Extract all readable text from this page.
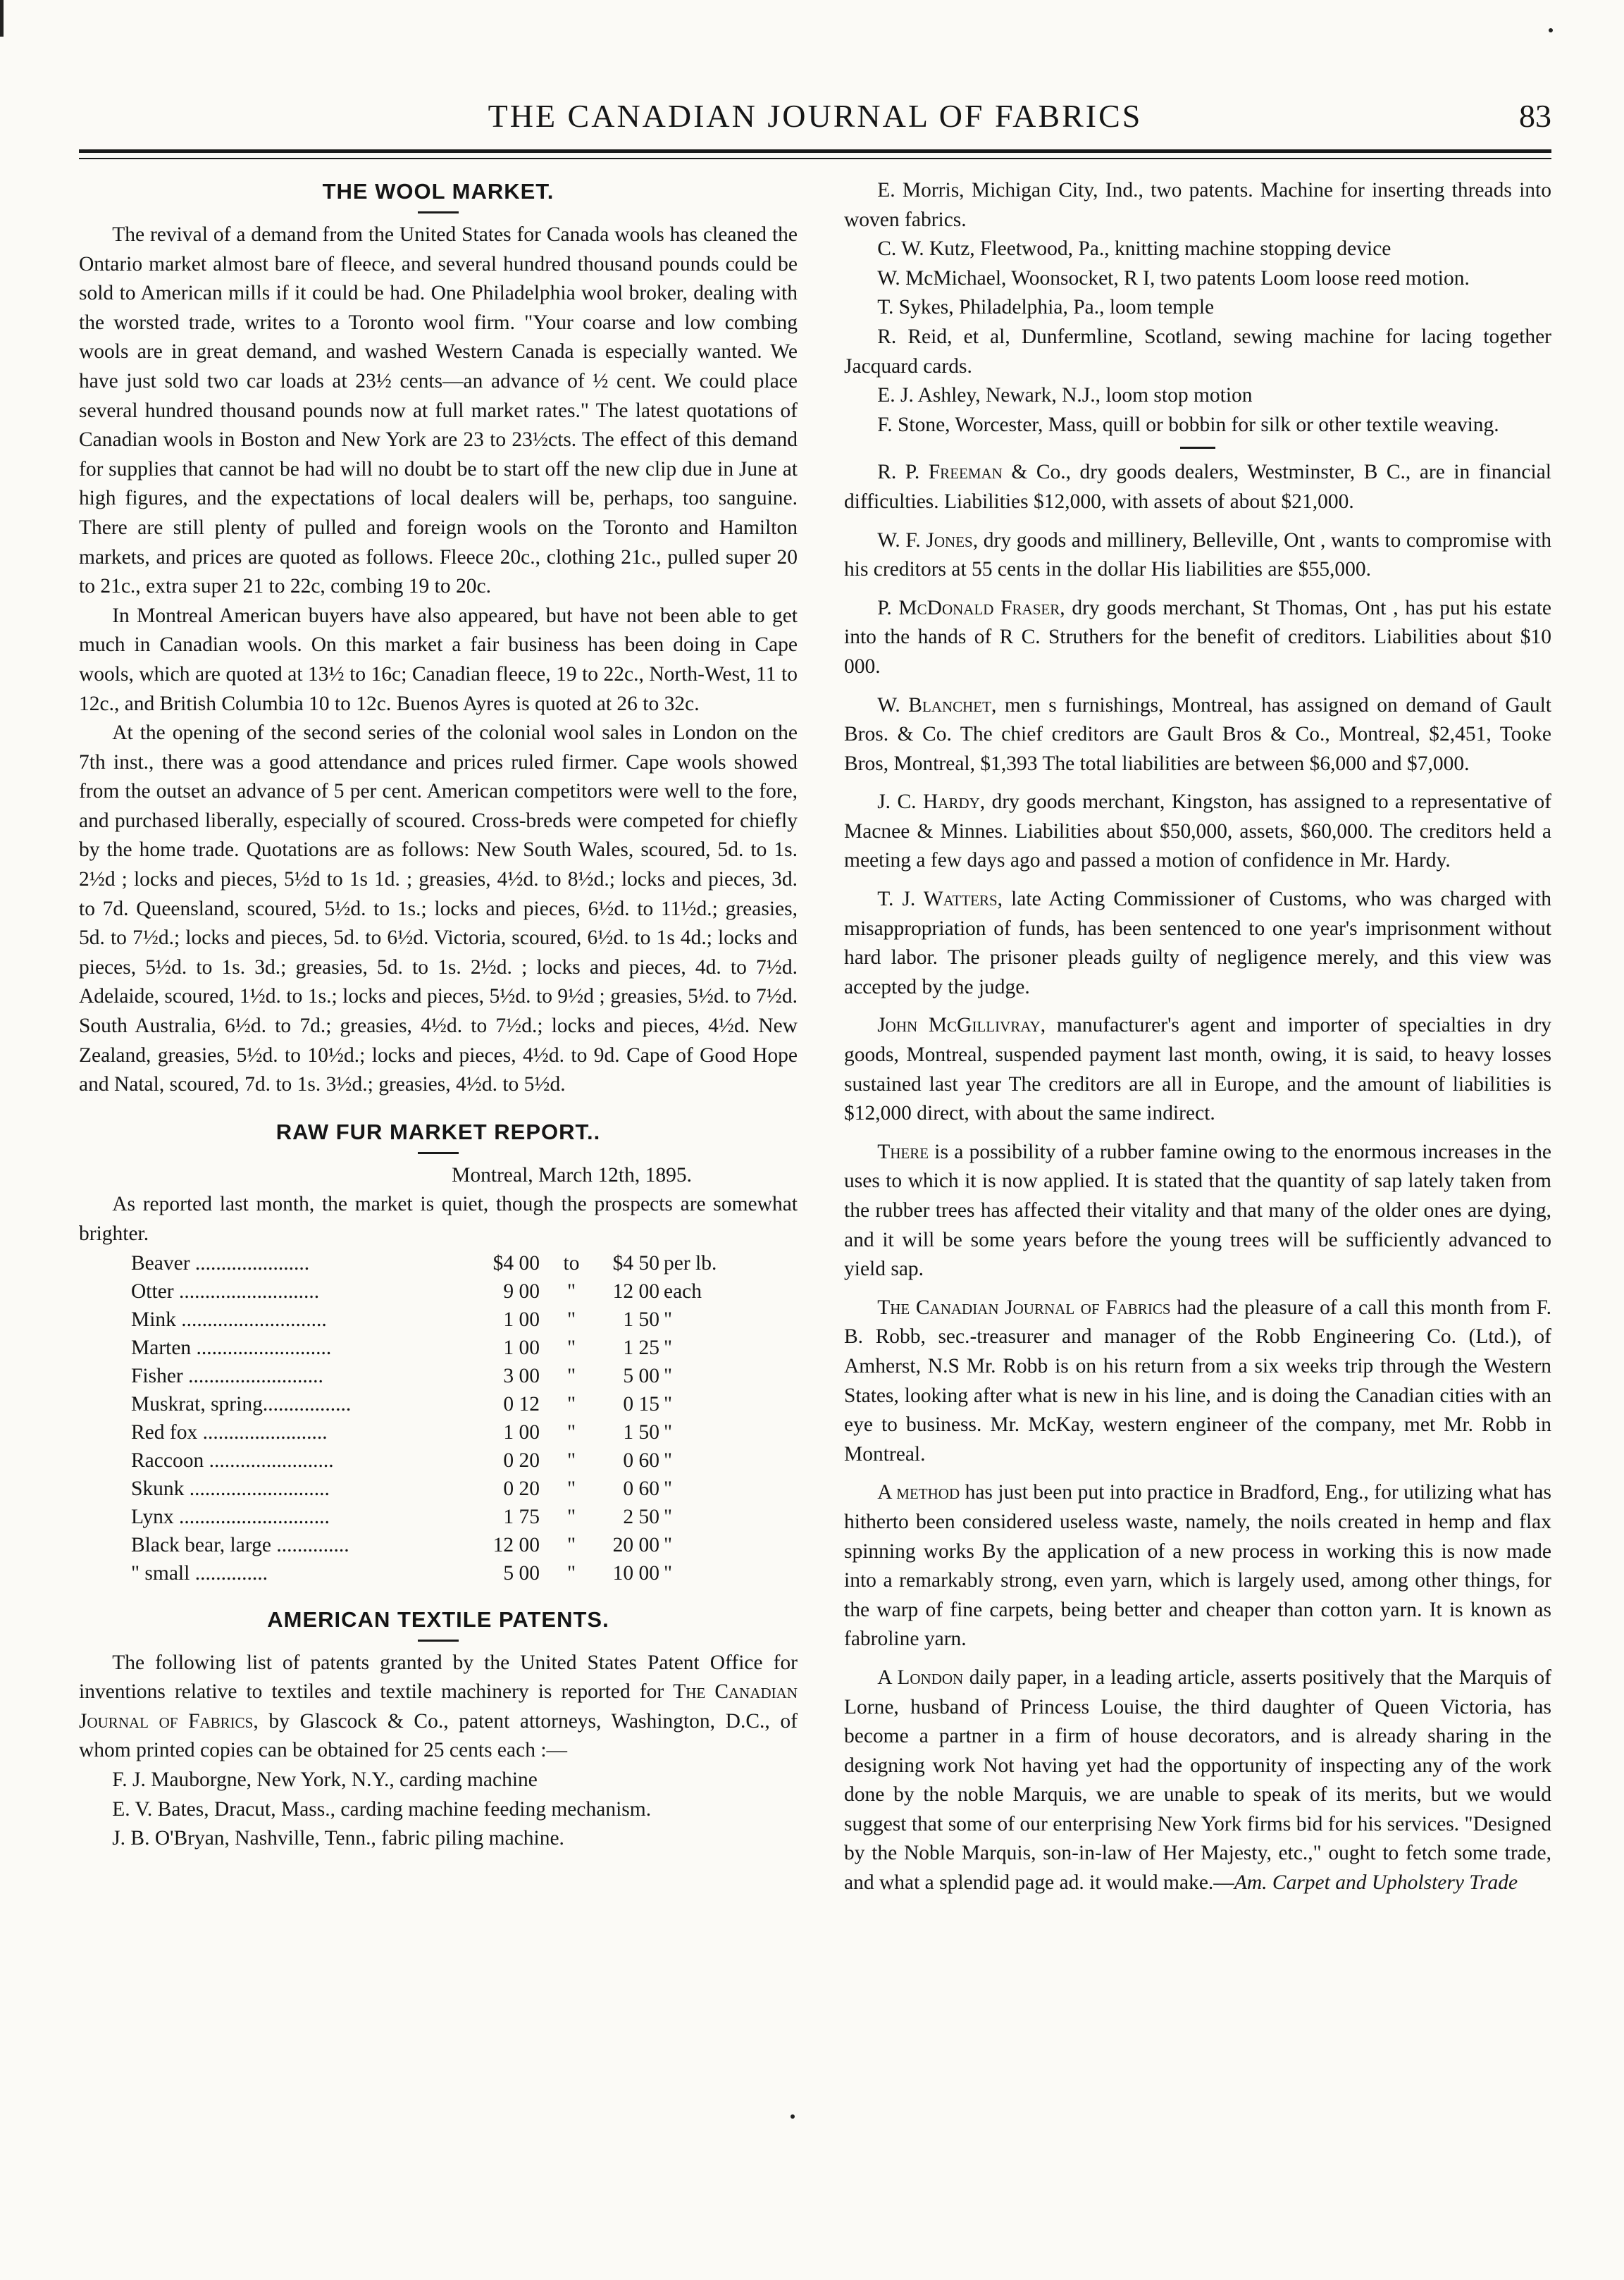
THE CANADIAN JOURNAL OF FABRICS	83
THE WOOL MARKET.

The revival of a demand from the United States for Canada wools has cleaned the Ontario market almost bare of fleece, and several hundred thousand pounds could be sold to American mills if it could be had. One Philadelphia wool broker, dealing with the worsted trade, writes to a Toronto wool firm. "Your coarse and low combing wools are in great demand, and washed Western Canada is especially wanted. We have just sold two car loads at 23½ cents—an advance of ½ cent. We could place several hundred thousand pounds now at full market rates." The latest quotations of Canadian wools in Boston and New York are 23 to 23½cts. The effect of this demand for supplies that cannot be had will no doubt be to start off the new clip due in June at high figures, and the expectations of local dealers will be, perhaps, too sanguine. There are still plenty of pulled and foreign wools on the Toronto and Hamilton markets, and prices are quoted as follows. Fleece 20c., clothing 21c., pulled super 20 to 21c., extra super 21 to 22c, combing 19 to 20c.

In Montreal American buyers have also appeared, but have not been able to get much in Canadian wools. On this market a fair business has been doing in Cape wools, which are quoted at 13½ to 16c; Canadian fleece, 19 to 22c., North-West, 11 to 12c., and British Columbia 10 to 12c. Buenos Ayres is quoted at 26 to 32c.

At the opening of the second series of the colonial wool sales in London on the 7th inst., there was a good attendance and prices ruled firmer. Cape wools showed from the outset an advance of 5 per cent. American competitors were well to the fore, and purchased liberally, especially of scoured. Cross-breds were competed for chiefly by the home trade. Quotations are as follows: New South Wales, scoured, 5d. to 1s. 2½d ; locks and pieces, 5½d to 1s 1d. ; greasies, 4½d. to 8½d.; locks and pieces, 3d. to 7d. Queensland, scoured, 5½d. to 1s.; locks and pieces, 6½d. to 11½d.; greasies, 5d. to 7½d.; locks and pieces, 5d. to 6½d. Victoria, scoured, 6½d. to 1s 4d.; locks and pieces, 5½d. to 1s. 3d.; greasies, 5d. to 1s. 2½d. ; locks and pieces, 4d. to 7½d. Adelaide, scoured, 1½d. to 1s.; locks and pieces, 5½d. to 9½d ; greasies, 5½d. to 7½d. South Australia, 6½d. to 7d.; greasies, 4½d. to 7½d.; locks and pieces, 4½d. New Zealand, greasies, 5½d. to 10½d.; locks and pieces, 4½d. to 9d. Cape of Good Hope and Natal, scoured, 7d. to 1s. 3½d.; greasies, 4½d. to 5½d.

RAW FUR MARKET REPORT..
Montreal, March 12th, 1895.

As reported last month, the market is quiet, though the prospects are somewhat brighter.

Beaver ......................	$4 00	to	$4 50	per lb.
Otter ...........................	9 00	"	12 00	each
Mink ............................	1 00	"	1 50	"
Marten ..........................	1 00	"	1 25	"
Fisher ..........................	3 00	"	5 00	"
Muskrat, spring.................	0 12	"	0 15	"
Red fox ........................	1 00	"	1 50	"
Raccoon ........................	0 20	"	0 60	"
Skunk ...........................	0 20	"	0 60	"
Lynx .............................	1 75	"	2 50	"
Black bear, large ..............	12 00	"	20 00	"
" small ..............	5 00	"	10 00	"
AMERICAN TEXTILE PATENTS.

The following list of patents granted by the United States Patent Office for inventions relative to textiles and textile machinery is reported for The Canadian Journal of Fabrics, by Glascock & Co., patent attorneys, Washington, D.C., of whom printed copies can be obtained for 25 cents each :—

F. J. Mauborgne, New York, N.Y., carding machine

E. V. Bates, Dracut, Mass., carding machine feeding mechanism.

J. B. O'Bryan, Nashville, Tenn., fabric piling machine.

E. Morris, Michigan City, Ind., two patents. Machine for inserting threads into woven fabrics.

C. W. Kutz, Fleetwood, Pa., knitting machine stopping device

W. McMichael, Woonsocket, R I, two patents Loom loose reed motion.

T. Sykes, Philadelphia, Pa., loom temple

R. Reid, et al, Dunfermline, Scotland, sewing machine for lacing together Jacquard cards.

E. J. Ashley, Newark, N.J., loom stop motion

F. Stone, Worcester, Mass, quill or bobbin for silk or other textile weaving.

R. P. Freeman & Co., dry goods dealers, Westminster, B C., are in financial difficulties. Liabilities $12,000, with assets of about $21,000.

W. F. Jones, dry goods and millinery, Belleville, Ont , wants to compromise with his creditors at 55 cents in the dollar His liabilities are $55,000.

P. McDonald Fraser, dry goods merchant, St Thomas, Ont , has put his estate into the hands of R C. Struthers for the benefit of creditors. Liabilities about $10 000.

W. Blanchet, men s furnishings, Montreal, has assigned on demand of Gault Bros. & Co. The chief creditors are Gault Bros & Co., Montreal, $2,451, Tooke Bros, Montreal, $1,393 The total liabilities are between $6,000 and $7,000.

J. C. Hardy, dry goods merchant, Kingston, has assigned to a representative of Macnee & Minnes. Liabilities about $50,000, assets, $60,000. The creditors held a meeting a few days ago and passed a motion of confidence in Mr. Hardy.

T. J. Watters, late Acting Commissioner of Customs, who was charged with misappropriation of funds, has been sentenced to one year's imprisonment without hard labor. The prisoner pleads guilty of negligence merely, and this view was accepted by the judge.

John McGillivray, manufacturer's agent and importer of specialties in dry goods, Montreal, suspended payment last month, owing, it is said, to heavy losses sustained last year The creditors are all in Europe, and the amount of liabilities is $12,000 direct, with about the same indirect.

There is a possibility of a rubber famine owing to the enormous increases in the uses to which it is now applied. It is stated that the quantity of sap lately taken from the rubber trees has affected their vitality and that many of the older ones are dying, and it will be some years before the young trees will be sufficiently advanced to yield sap.

The Canadian Journal of Fabrics had the pleasure of a call this month from F. B. Robb, sec.-treasurer and manager of the Robb Engineering Co. (Ltd.), of Amherst, N.S Mr. Robb is on his return from a six weeks trip through the Western States, looking after what is new in his line, and is doing the Canadian cities with an eye to business. Mr. McKay, western engineer of the company, met Mr. Robb in Montreal.

A method has just been put into practice in Bradford, Eng., for utilizing what has hitherto been considered useless waste, namely, the noils created in hemp and flax spinning works By the application of a new process in working this is now made into a remarkably strong, even yarn, which is largely used, among other things, for the warp of fine carpets, being better and cheaper than cotton yarn. It is known as fabroline yarn.

A London daily paper, in a leading article, asserts positively that the Marquis of Lorne, husband of Princess Louise, the third daughter of Queen Victoria, has become a partner in a firm of house decorators, and is already sharing in the designing work Not having yet had the opportunity of inspecting any of the work done by the noble Marquis, we are unable to speak of its merits, but we would suggest that some of our enterprising New York firms bid for his services. "Designed by the Noble Marquis, son-in-law of Her Majesty, etc.," ought to fetch some trade, and what a splendid page ad. it would make.—Am. Carpet and Upholstery Trade
